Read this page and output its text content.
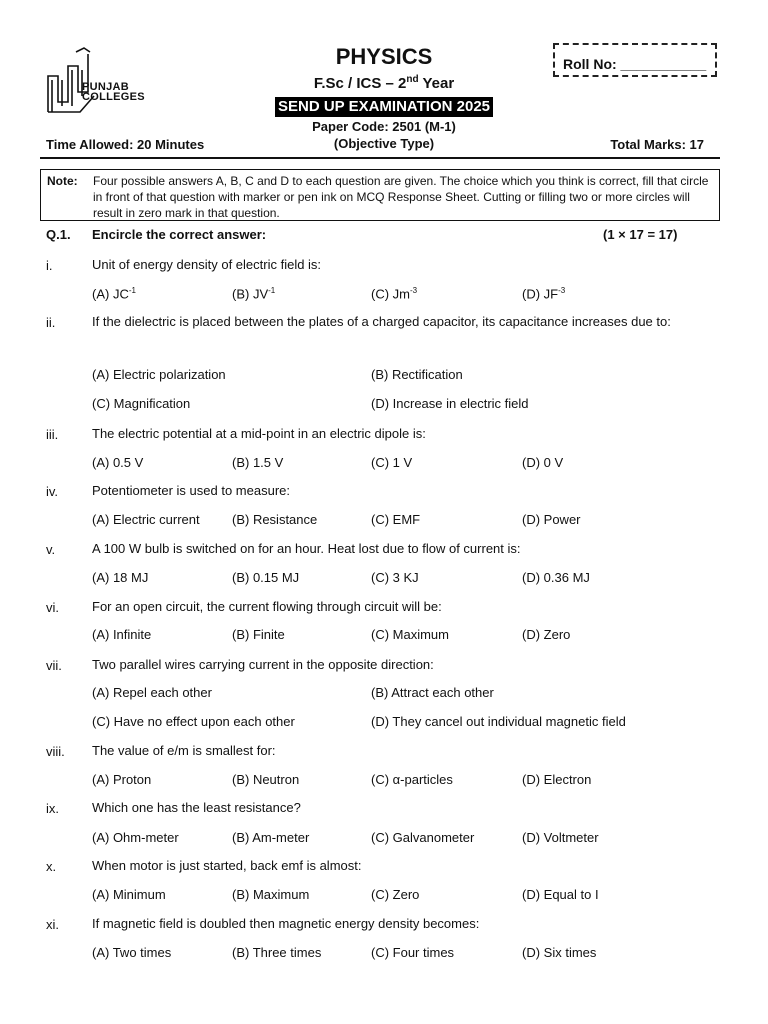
PUNJAB
COLLEGES
PHYSICS
F.Sc / ICS – 2nd Year
SEND UP EXAMINATION 2025
Paper Code: 2501 (M-1)
(Objective Type)
Roll No: ___________
Time Allowed: 20 Minutes	Total Marks: 17
Note: Four possible answers A, B, C and D to each question are given. The choice which you think is correct, fill that circle in front of that question with marker or pen ink on MCQ Response Sheet. Cutting or filling two or more circles will result in zero mark in that question.
Q.1. Encircle the correct answer:	(1 × 17 = 17)
i.	Unit of energy density of electric field is:
(A) $JC^{-1}$	(B) $JV^{-1}$	(C) $Jm^{-3}$	(D) $JF^{-3}$
ii.	If the dielectric is placed between the plates of a charged capacitor, its capacitance increases due to:
(A) Electric polarization	(B) Rectification
(C) Magnification	(D) Increase in electric field
iii.	The electric potential at a mid-point in an electric dipole is:
(A) 0.5 V	(B) 1.5 V	(C) 1 V	(D) 0 V
iv.	Potentiometer is used to measure:
(A) Electric current (B) Resistance	(C) EMF	(D) Power
v.	A 100 W bulb is switched on for an hour. Heat lost due to flow of current is:
(A) 18 MJ	(B) 0.15 MJ	(C) 3 KJ	(D) 0.36 MJ
vi.	For an open circuit, the current flowing through circuit will be:
(A) Infinite	(B) Finite	(C) Maximum	(D) Zero
vii. Two parallel wires carrying current in the opposite direction:
(A) Repel each other	(B) Attract each other
(C) Have no effect upon each other	(D) They cancel out individual magnetic field
viii. The value of e/m is smallest for:
(A) Proton	(B) Neutron	(C) α-particles	(D) Electron
ix.	Which one has the least resistance?
(A) Ohm-meter	(B) Am-meter	(C) Galvanometer	(D) Voltmeter
x.	When motor is just started, back emf is almost:
(A) Minimum	(B) Maximum	(C) Zero	(D) Equal to I
xi.	If magnetic field is doubled then magnetic energy density becomes:
(A) Two times	(B) Three times	(C) Four times	(D) Six times
